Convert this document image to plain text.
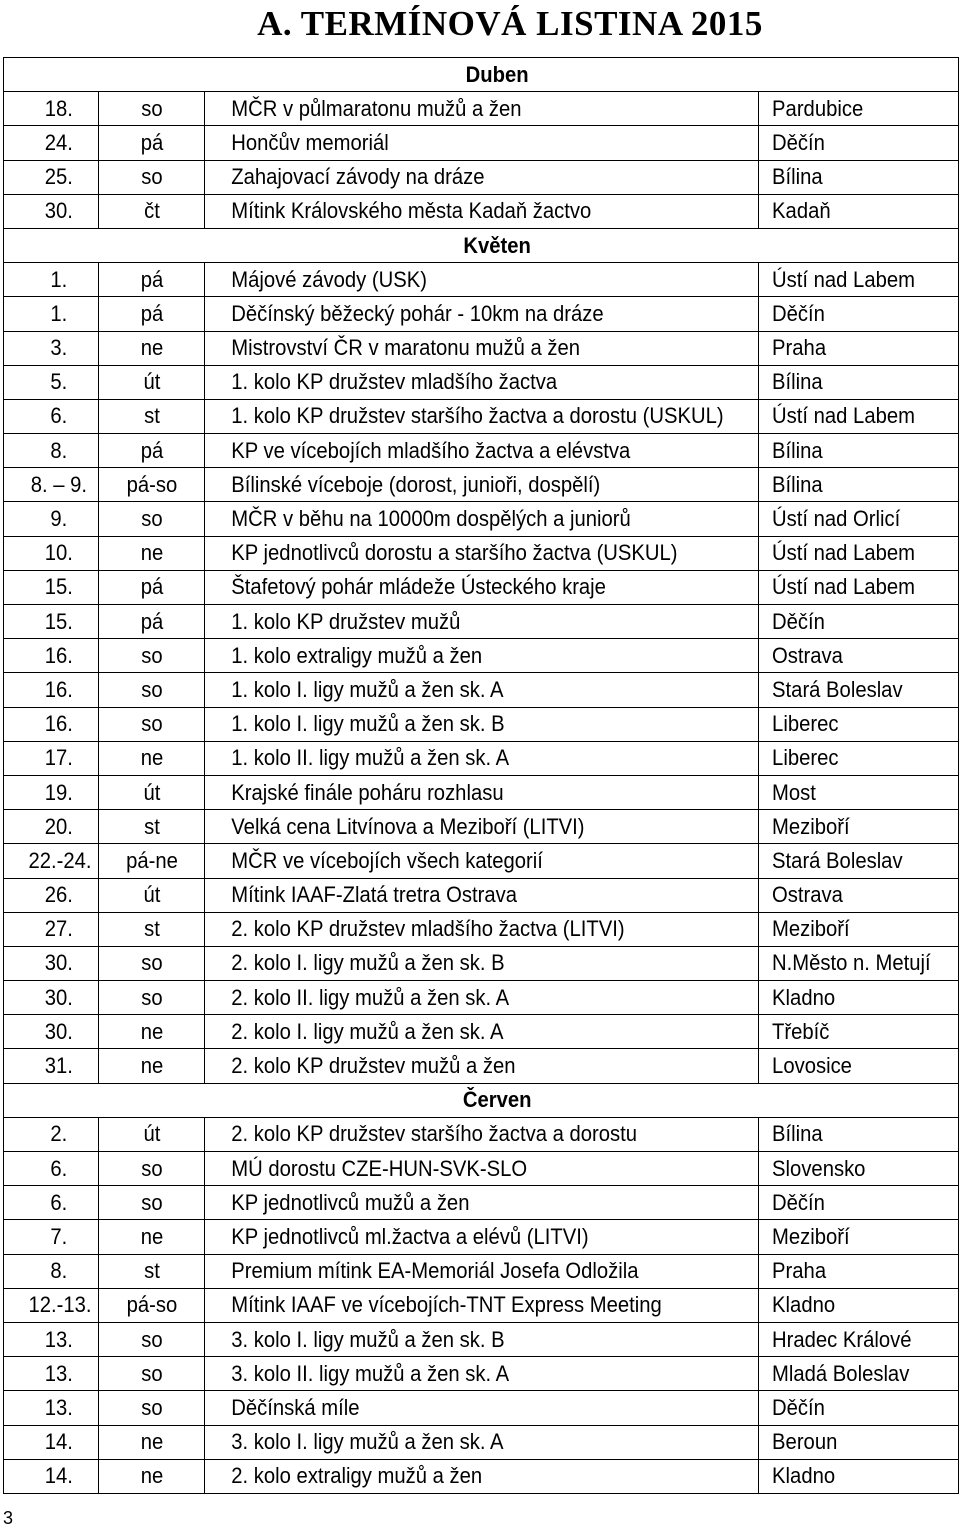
A. TERMÍNOVÁ LISTINA 2015
Duben			
18.	so	MČR v půlmaratonu mužů a žen	Pardubice
24.	pá	Hončův memoriál	Děčín
25.	so	Zahajovací závody na dráze	Bílina
30.	čt	Mítink Královského města Kadaň žactvo	Kadaň
Květen			
1.	pá	Májové závody (USK)	Ústí nad Labem
1.	pá	Děčínský běžecký pohár - 10km na dráze	Děčín
3.	ne	Mistrovství ČR v maratonu mužů a žen	Praha
5.	út	1. kolo KP družstev mladšího žactva	Bílina
6.	st	1. kolo KP družstev staršího žactva a dorostu (USKUL)	Ústí nad Labem
8.	pá	KP ve vícebojích mladšího žactva a elévstva	Bílina
8. – 9.	pá-so	Bílinské víceboje (dorost, junioři, dospělí)	Bílina
9.	so	MČR v běhu na 10000m dospělých a juniorů	Ústí nad Orlicí
10.	ne	KP jednotlivců dorostu a staršího žactva (USKUL)	Ústí nad Labem
15.	pá	Štafetový pohár mládeže Ústeckého kraje	Ústí nad Labem
15.	pá	1. kolo KP družstev mužů	Děčín
16.	so	1. kolo extraligy mužů a žen	Ostrava
16.	so	1. kolo I. ligy mužů a žen sk. A	Stará Boleslav
16.	so	1. kolo I. ligy mužů a žen sk. B	Liberec
17.	ne	1. kolo II. ligy mužů a žen sk. A	Liberec
19.	út	Krajské finále poháru rozhlasu	Most
20.	st	Velká cena Litvínova a Meziboří (LITVI)	Meziboří
22.-24.	pá-ne	MČR ve vícebojích všech kategorií	Stará Boleslav
26.	út	Mítink IAAF-Zlatá tretra Ostrava	Ostrava
27.	st	2. kolo KP družstev mladšího žactva (LITVI)	Meziboří
30.	so	2. kolo I. ligy mužů a žen sk. B	N.Město n. Metují
30.	so	2. kolo II. ligy mužů a žen sk. A	Kladno
30.	ne	2. kolo I. ligy mužů a žen sk. A	Třebíč
31.	ne	2. kolo KP družstev mužů a žen	Lovosice
Červen			
2.	út	2. kolo KP družstev staršího žactva a dorostu	Bílina
6.	so	MÚ dorostu CZE-HUN-SVK-SLO	Slovensko
6.	so	KP jednotlivců mužů a žen	Děčín
7.	ne	KP jednotlivců ml.žactva a elévů (LITVI)	Meziboří
8.	st	Premium mítink EA-Memoriál Josefa Odložila	Praha
12.-13.	pá-so	Mítink IAAF ve vícebojích-TNT Express Meeting	Kladno
13.	so	3. kolo I. ligy mužů a žen sk. B	Hradec Králové
13.	so	3. kolo II. ligy mužů a žen sk. A	Mladá Boleslav
13.	so	Děčínská míle	Děčín
14.	ne	3. kolo I. ligy mužů a žen sk. A	Beroun
14.	ne	2. kolo extraligy mužů a žen	Kladno
3
